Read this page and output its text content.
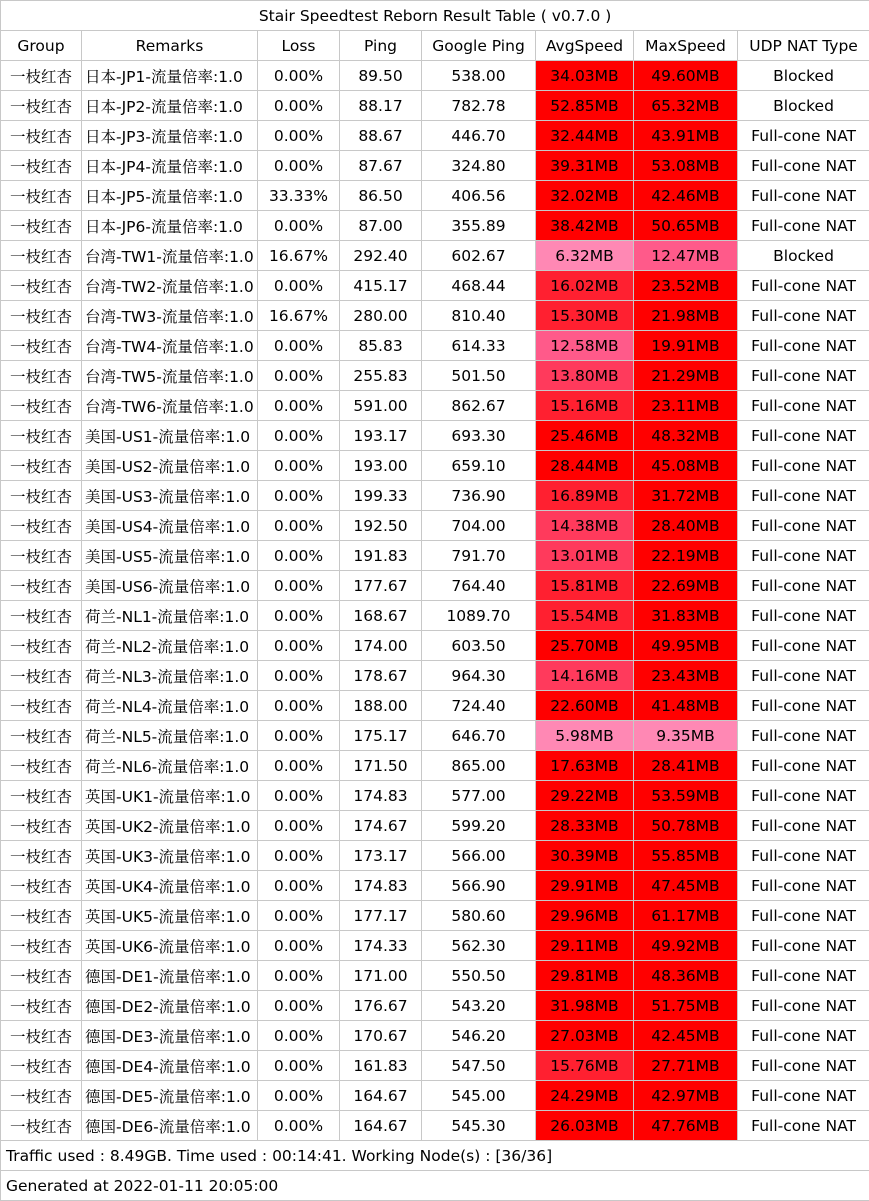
Stair Speedtest Reborn Result Table ( v0.7.0 )							
Group	Remarks	Loss	Ping	Google Ping	AvgSpeed	MaxSpeed	UDP NAT Type
一枝红杏	日本-JP1-流量倍率:1.0	0.00%	89.50	538.00	34.03MB	49.60MB	Blocked
一枝红杏	日本-JP2-流量倍率:1.0	0.00%	88.17	782.78	52.85MB	65.32MB	Blocked
一枝红杏	日本-JP3-流量倍率:1.0	0.00%	88.67	446.70	32.44MB	43.91MB	Full-cone NAT
一枝红杏	日本-JP4-流量倍率:1.0	0.00%	87.67	324.80	39.31MB	53.08MB	Full-cone NAT
一枝红杏	日本-JP5-流量倍率:1.0	33.33%	86.50	406.56	32.02MB	42.46MB	Full-cone NAT
一枝红杏	日本-JP6-流量倍率:1.0	0.00%	87.00	355.89	38.42MB	50.65MB	Full-cone NAT
一枝红杏	台湾-TW1-流量倍率:1.0	16.67%	292.40	602.67	6.32MB	12.47MB	Blocked
一枝红杏	台湾-TW2-流量倍率:1.0	0.00%	415.17	468.44	16.02MB	23.52MB	Full-cone NAT
一枝红杏	台湾-TW3-流量倍率:1.0	16.67%	280.00	810.40	15.30MB	21.98MB	Full-cone NAT
一枝红杏	台湾-TW4-流量倍率:1.0	0.00%	85.83	614.33	12.58MB	19.91MB	Full-cone NAT
一枝红杏	台湾-TW5-流量倍率:1.0	0.00%	255.83	501.50	13.80MB	21.29MB	Full-cone NAT
一枝红杏	台湾-TW6-流量倍率:1.0	0.00%	591.00	862.67	15.16MB	23.11MB	Full-cone NAT
一枝红杏	美国-US1-流量倍率:1.0	0.00%	193.17	693.30	25.46MB	48.32MB	Full-cone NAT
一枝红杏	美国-US2-流量倍率:1.0	0.00%	193.00	659.10	28.44MB	45.08MB	Full-cone NAT
一枝红杏	美国-US3-流量倍率:1.0	0.00%	199.33	736.90	16.89MB	31.72MB	Full-cone NAT
一枝红杏	美国-US4-流量倍率:1.0	0.00%	192.50	704.00	14.38MB	28.40MB	Full-cone NAT
一枝红杏	美国-US5-流量倍率:1.0	0.00%	191.83	791.70	13.01MB	22.19MB	Full-cone NAT
一枝红杏	美国-US6-流量倍率:1.0	0.00%	177.67	764.40	15.81MB	22.69MB	Full-cone NAT
一枝红杏	荷兰-NL1-流量倍率:1.0	0.00%	168.67	1089.70	15.54MB	31.83MB	Full-cone NAT
一枝红杏	荷兰-NL2-流量倍率:1.0	0.00%	174.00	603.50	25.70MB	49.95MB	Full-cone NAT
一枝红杏	荷兰-NL3-流量倍率:1.0	0.00%	178.67	964.30	14.16MB	23.43MB	Full-cone NAT
一枝红杏	荷兰-NL4-流量倍率:1.0	0.00%	188.00	724.40	22.60MB	41.48MB	Full-cone NAT
一枝红杏	荷兰-NL5-流量倍率:1.0	0.00%	175.17	646.70	5.98MB	9.35MB	Full-cone NAT
一枝红杏	荷兰-NL6-流量倍率:1.0	0.00%	171.50	865.00	17.63MB	28.41MB	Full-cone NAT
一枝红杏	英国-UK1-流量倍率:1.0	0.00%	174.83	577.00	29.22MB	53.59MB	Full-cone NAT
一枝红杏	英国-UK2-流量倍率:1.0	0.00%	174.67	599.20	28.33MB	50.78MB	Full-cone NAT
一枝红杏	英国-UK3-流量倍率:1.0	0.00%	173.17	566.00	30.39MB	55.85MB	Full-cone NAT
一枝红杏	英国-UK4-流量倍率:1.0	0.00%	174.83	566.90	29.91MB	47.45MB	Full-cone NAT
一枝红杏	英国-UK5-流量倍率:1.0	0.00%	177.17	580.60	29.96MB	61.17MB	Full-cone NAT
一枝红杏	英国-UK6-流量倍率:1.0	0.00%	174.33	562.30	29.11MB	49.92MB	Full-cone NAT
一枝红杏	德国-DE1-流量倍率:1.0	0.00%	171.00	550.50	29.81MB	48.36MB	Full-cone NAT
一枝红杏	德国-DE2-流量倍率:1.0	0.00%	176.67	543.20	31.98MB	51.75MB	Full-cone NAT
一枝红杏	德国-DE3-流量倍率:1.0	0.00%	170.67	546.20	27.03MB	42.45MB	Full-cone NAT
一枝红杏	德国-DE4-流量倍率:1.0	0.00%	161.83	547.50	15.76MB	27.71MB	Full-cone NAT
一枝红杏	德国-DE5-流量倍率:1.0	0.00%	164.67	545.00	24.29MB	42.97MB	Full-cone NAT
一枝红杏	德国-DE6-流量倍率:1.0	0.00%	164.67	545.30	26.03MB	47.76MB	Full-cone NAT
Traffic used : 8.49GB. Time used : 00:14:41. Working Node(s) : [36/36]							
Generated at 2022-01-11 20:05:00							
